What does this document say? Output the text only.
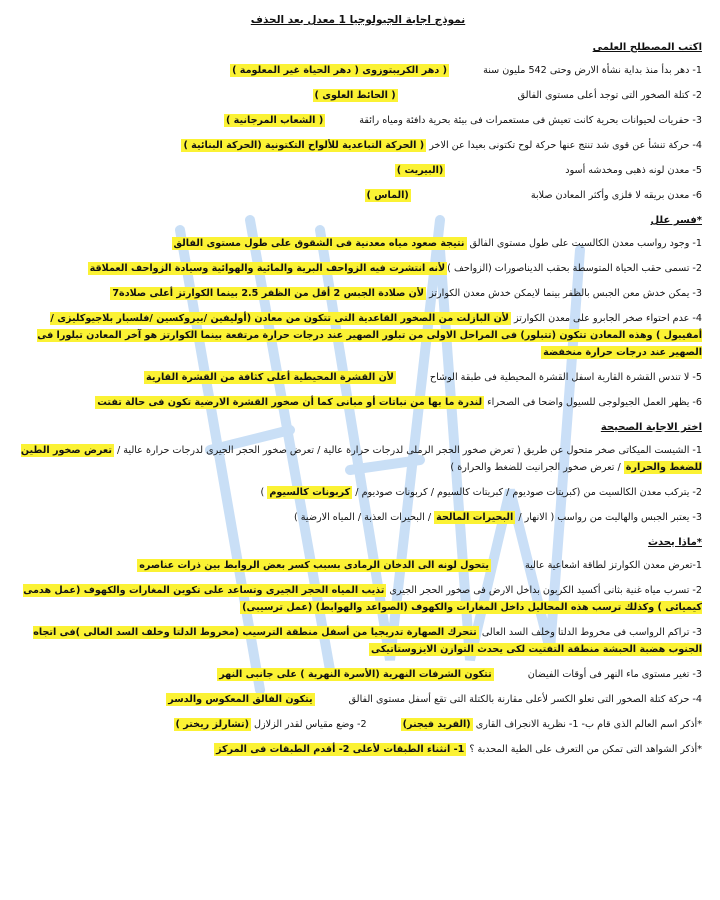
نموذج اجابة الجيولوجيا 1 معدل بعد الحذف
اكتب المصطلح العلمى
1- دهر بدأ منذ بداية نشأة الارض وحتى 542 مليون سنة( دهر الكريبتوزوى ( دهر الحياة غير المعلومة )
2- كتلة الصخور التى توجد أعلى مستوى الفالق( الحائط العلوى )
3- حفريات لحيوانات بحرية كانت تعيش فى مستعمرات فى بيئة بحرية دافئة ومياه رائقة( الشعاب المرجانية )
4- حركة تنشأ عن قوى شد تنتج عنها حركة لوح تكتونى بعيدا عن الاخر ( الحركة التباعدية للألواح التكتونية (الحركة البنائية )
5- معدن لونه ذهبى ومخدشه أسود(البيريت )
6- معدن بريقه لا فلزى وأكثر المعادن صلابة(الماس )
*فسر علل
1- وجود رواسب معدن الكالسيت على طول مستوى الفالق نتيجة صعود مياه معدنية فى الشقوق على طول مستوى الفالق
2- تسمى حقب الحياة المتوسطة بحقب الديناصورات (الزواحف )لأنه انتشرت فيه الزواحف البرية والمائية والهوائية وسيادة الزواحف العملاقة
3- يمكن خدش معن الجبس بالظفر بينما لايمكن خدش معدن الكوارتز لأن صلادة الجبس 2 أقل من الظفر 2.5 بينما الكوارتز أعلى صلادة7
4- عدم احتواء صخر الجابرو على معدن الكوارتز لأن البازلت من الصخور القاعدية التى تتكون من معادن (أوليفين /بيروكسين /فلسبار بلاجيوكليزى / أمفيبول ) وهذه المعادن تتكون (تتبلور) فى المراحل الاولى من تبلور الصهير عند درجات حرارة مرتفعة بينما الكوارتز هو آخر المعادن تبلورا فى الصهير عند درجات حرارة منخفضة
5- لا تندس القشرة القارية اسفل القشرة المحيطية فى طبقة الوشاحلأن القشرة المحيطية أعلى كثافة من القشرة القارية
6- يظهر العمل الجيولوجى للسيول واضحا فى الصحراء لندرة ما بها من نباتات أو مبانى كما أن صخور القشرة الارضية تكون فى حالة تفتت
اختر الاجابة الصحيحة
1- الشيست الميكاتى صخر متحول عن طريق ( تعرض صخور الحجر الرملى لدرجات حرارة عالية / تعرض صخور الحجر الجيرى لدرجات حرارة عالية / تعرض صخور الطين للضغط والحرارة / تعرض صخور الجرانيت للضغط والحرارة )
2- يتركب معدن الكالسيت من (كبريتات صوديوم / كبريتات كالسيوم / كربونات صوديوم / كربونات كالسيوم )
3- يعتبر الجبس والهاليت من رواسب ( الانهار / البحيرات المالحة / البحيرات العذبة / المياه الارضية )
*ماذا يحدث
1-تعرض معدن الكوارتز لطاقة اشعاعية عاليةيتحول لونه الى الدخان الرمادى بسبب كسر بعض الروابط بين ذرات عناصره
2- تسرب مياه غنية بثانى أكسيد الكربون بداخل الارض فى صخور الحجر الجيرى تذيب المياه الحجر الجيرى وتساعد على تكوين المغارات والكهوف (عمل هدمى كيميائى ) وكذلك ترسب هذه المحاليل داخل المغارات والكهوف (الصواعد والهوابط) (عمل ترسيبى)
3- تراكم الرواسب فى مخروط الدلتا وخلف السد العالى تتحرك الصهارة تدريجيا من أسفل منطقة الترسيب (مخروط الدلتا وخلف السد العالى )فى اتجاه الجنوب هضبة الحبشة منطقة التفتيت لكى يحدث التوازن الايزوستاتيكى
3- تغير مستوى ماء النهر فى أوقات الفيضانتتكون الشرفات النهرية (الأسرة النهرية ) على جانبى النهر
4- حركة كتلة الصخور التى تعلو الكسر لأعلى مقارنة بالكتلة التى تقع أسفل مستوى الفالقيتكون الفالق المعكوس والدسر
*أذكر اسم العالم الذى قام ب- 1- نظرية الانجراف القارى (الفريد فيجنر)2- وضع مقياس لقدر الزلازل (تشارلز ريختر )
*أذكر الشواهد التى تمكن من التعرف على الطية المحدبة ؟ 1- انثناء الطبقات لأعلى 2- أقدم الطبقات فى المركز
